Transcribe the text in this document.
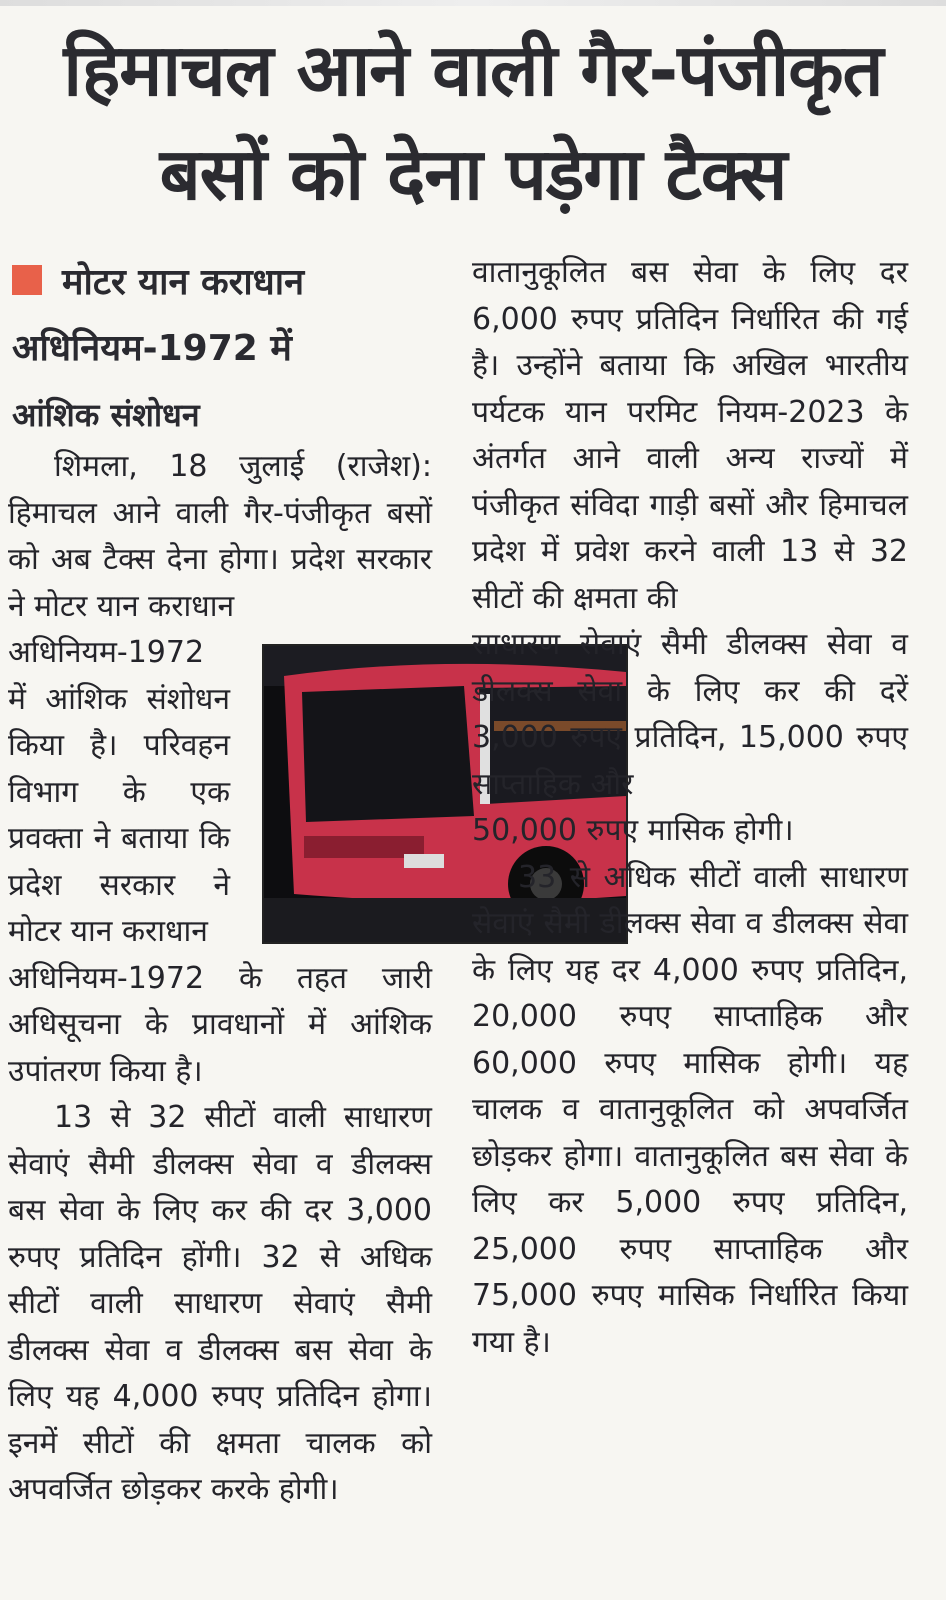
हिमाचल आने वाली गैर-पंजीकृत
बसों को देना पड़ेगा टैक्स
मोटर यान कराधान
अधिनियम-1972 में
आंशिक संशोधन

शिमला, 18 जुलाई (राजेश): हिमाचल आने वाली गैर-पंजीकृत बसों को अब टैक्स देना होगा। प्रदेश सरकार ने मोटर यान कराधान

अधिनियम-1972 में आंशिक संशोधन किया है। परिवहन विभाग के एक प्रवक्ता ने बताया कि प्रदेश सरकार ने मोटर यान कराधान

अधिनियम-1972 के तहत जारी अधिसूचना के प्रावधानों में आंशिक उपांतरण किया है।

13 से 32 सीटों वाली साधारण सेवाएं सैमी डीलक्स सेवा व डीलक्स बस सेवा के लिए कर की दर 3,000 रुपए प्रतिदिन होंगी। 32 से अधिक सीटों वाली साधारण सेवाएं सैमी डीलक्स सेवा व डीलक्स बस सेवा के लिए यह 4,000 रुपए प्रतिदिन होगा। इनमें सीटों की क्षमता चालक को अपवर्जित छोड़कर करके होगी।

वातानुकूलित बस सेवा के लिए दर 6,000 रुपए प्रतिदिन निर्धारित की गई है। उन्होंने बताया कि अखिल भारतीय पर्यटक यान परमिट नियम-2023 के अंतर्गत आने वाली अन्य राज्यों में पंजीकृत संविदा गाड़ी बसों और हिमाचल प्रदेश में प्रवेश करने वाली 13 से 32 सीटों की क्षमता की

साधारण सेवाएं सैमी डीलक्स सेवा व डीलक्स सेवा के लिए कर की दरें 3,000 रुपए प्रतिदिन, 15,000 रुपए साप्ताहिक और

50,000 रुपए मासिक होगी।

33 से अधिक सीटों वाली साधारण सेवाएं सैमी डीलक्स सेवा व डीलक्स सेवा के लिए यह दर 4,000 रुपए प्रतिदिन, 20,000 रुपए साप्ताहिक और 60,000 रुपए मासिक होगी। यह चालक व वातानुकूलित को अपवर्जित छोड़कर होगा। वातानुकूलित बस सेवा के लिए कर 5,000 रुपए प्रतिदिन, 25,000 रुपए साप्ताहिक और 75,000 रुपए मासिक निर्धारित किया गया है।
